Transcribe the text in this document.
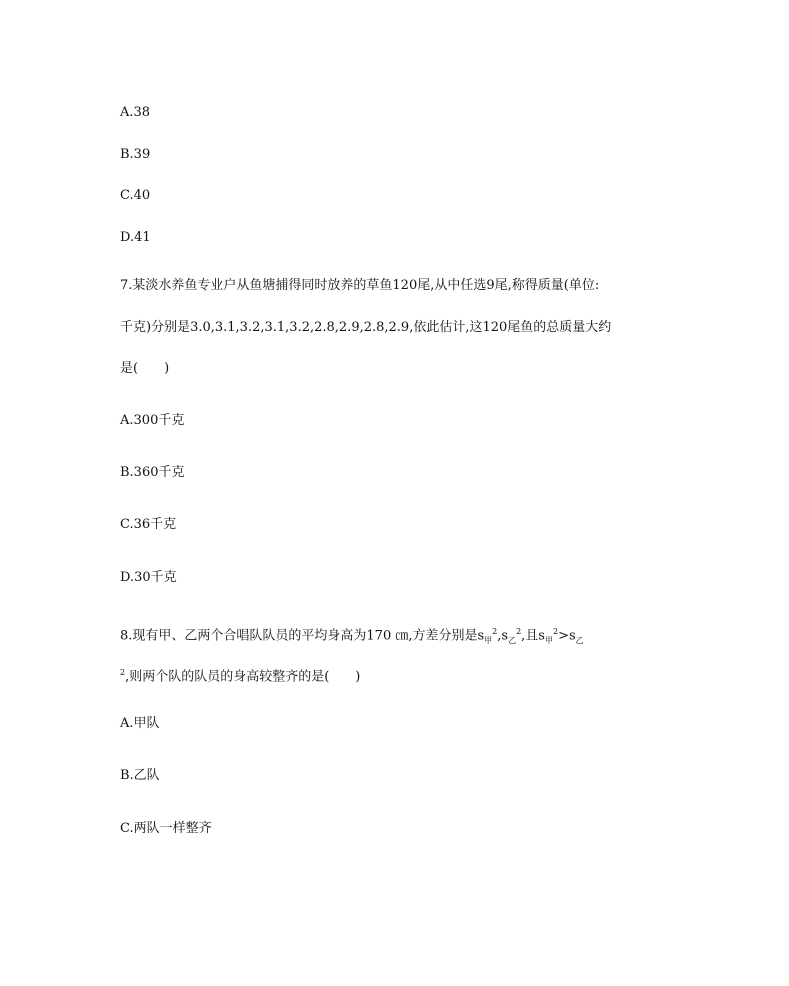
A.38

B.39

C.40

D.41

7.某淡水养鱼专业户从鱼塘捕得同时放养的草鱼120尾,从中任选9尾,称得质量(单位:

千克)分别是3.0,3.1,3.2,3.1,3.2,2.8,2.9,2.8,2.9,依此估计,这120尾鱼的总质量大约

是(　　)

A.300千克

B.360千克

C.36千克

D.30千克

8.现有甲、乙两个合唱队队员的平均身高为170 ㎝,方差分别是$s_甲^2,s_乙^2$,且$s_甲^2>s_乙$

$^2$,则两个队的队员的身高较整齐的是(　　)

A.甲队

B.乙队

C.两队一样整齐
